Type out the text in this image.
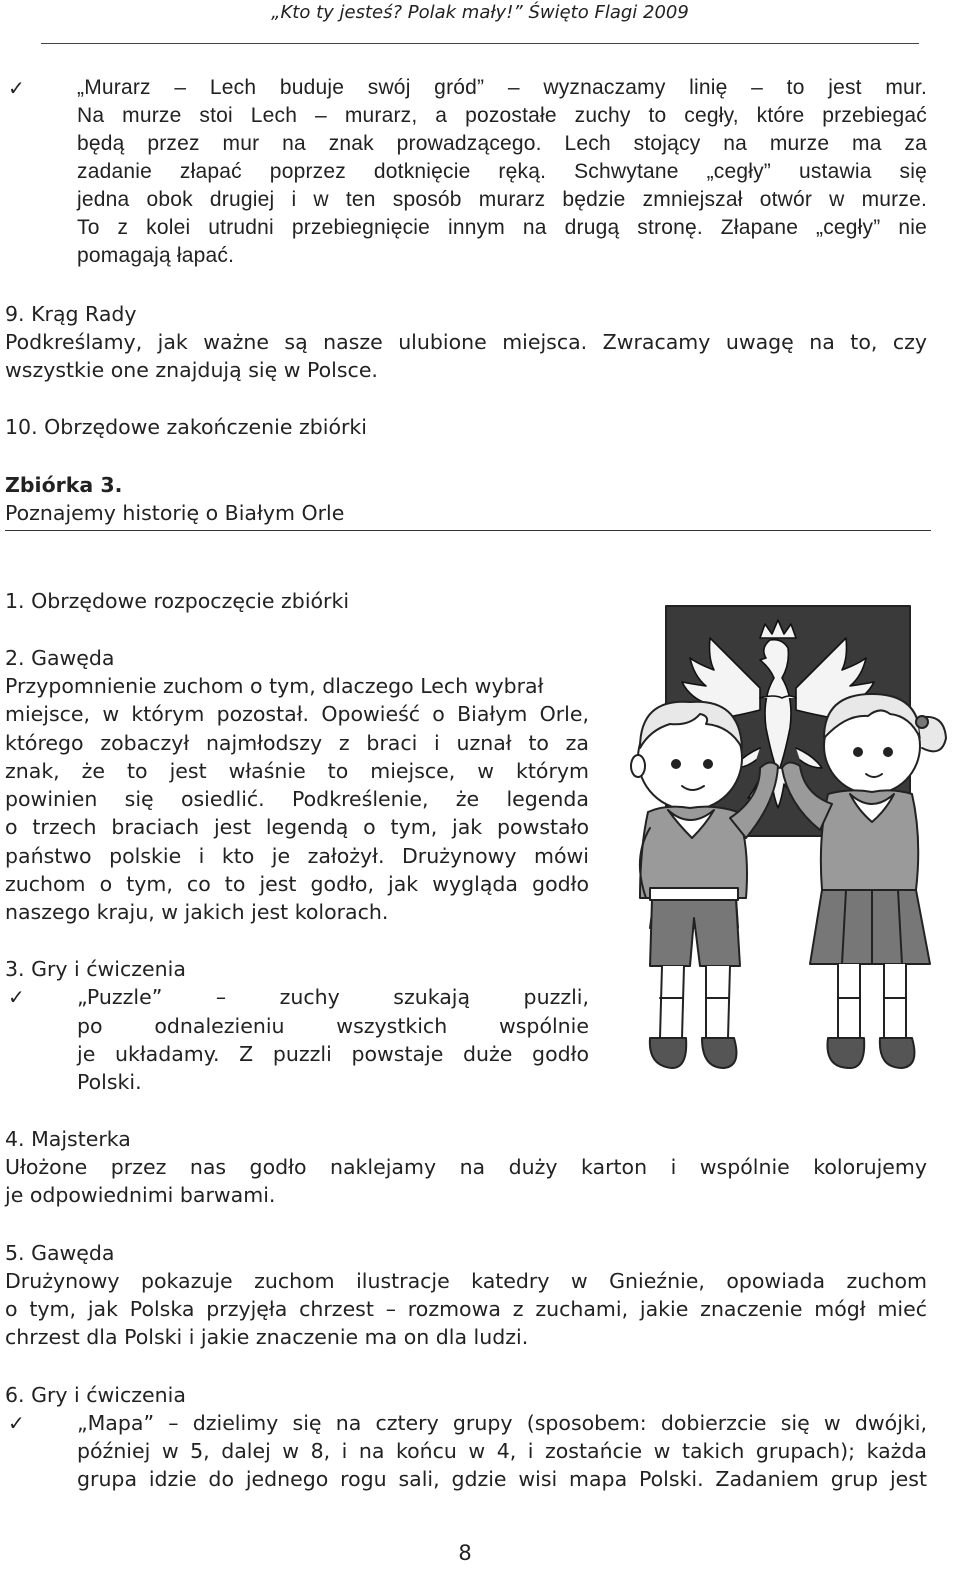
„Kto ty jesteś? Polak mały!” Święto Flagi 2009
✓ „Murarz – Lech buduje swój gród” – wyznaczamy linię – to jest mur.
Na murze stoi Lech – murarz, a pozostałe zuchy to cegły, które przebiegać
będą przez mur na znak prowadzącego. Lech stojący na murze ma za
zadanie złapać poprzez dotknięcie ręką. Schwytane „cegły” ustawia się
jedna obok drugiej i w ten sposób murarz będzie zmniejszał otwór w murze.
To z kolei utrudni przebiegnięcie innym na drugą stronę. Złapane „cegły” nie
pomagają łapać.
9. Krąg Rady
Podkreślamy, jak ważne są nasze ulubione miejsca. Zwracamy uwagę na to, czy
wszystkie one znajdują się w Polsce.
10. Obrzędowe zakończenie zbiórki
Zbiórka 3.
Poznajemy historię o Białym Orle
1. Obrzędowe rozpoczęcie zbiórki
2. Gawęda
Przypomnienie zuchom o tym, dlaczego Lech wybrał
miejsce, w którym pozostał. Opowieść o Białym Orle,
którego zobaczył najmłodszy z braci i uznał to za
znak, że to jest właśnie to miejsce, w którym
powinien się osiedlić. Podkreślenie, że legenda
o trzech braciach jest legendą o tym, jak powstało
państwo polskie i kto je założył. Drużynowy mówi
zuchom o tym, co to jest godło, jak wygląda godło
naszego kraju, w jakich jest kolorach.
3. Gry i ćwiczenia
✓	„Puzzle” – zuchy szukają puzzli,
po odnalezieniu wszystkich wspólnie
je układamy. Z puzzli powstaje duże godło
Polski.
4. Majsterka
Ułożone przez nas godło naklejamy na duży karton i wspólnie kolorujemy
je odpowiednimi barwami.
5. Gawęda
Drużynowy pokazuje zuchom ilustracje katedry w Gnieźnie, opowiada zuchom
o tym, jak Polska przyjęła chrzest – rozmowa z zuchami, jakie znaczenie mógł mieć
chrzest dla Polski i jakie znaczenie ma on dla ludzi.
6. Gry i ćwiczenia
✓	„Mapa” – dzielimy się na cztery grupy (sposobem: dobierzcie się w dwójki,
później w 5, dalej w 8, i na końcu w 4, i zostańcie w takich grupach); każda
grupa idzie do jednego rogu sali, gdzie wisi mapa Polski. Zadaniem grup jest
8
